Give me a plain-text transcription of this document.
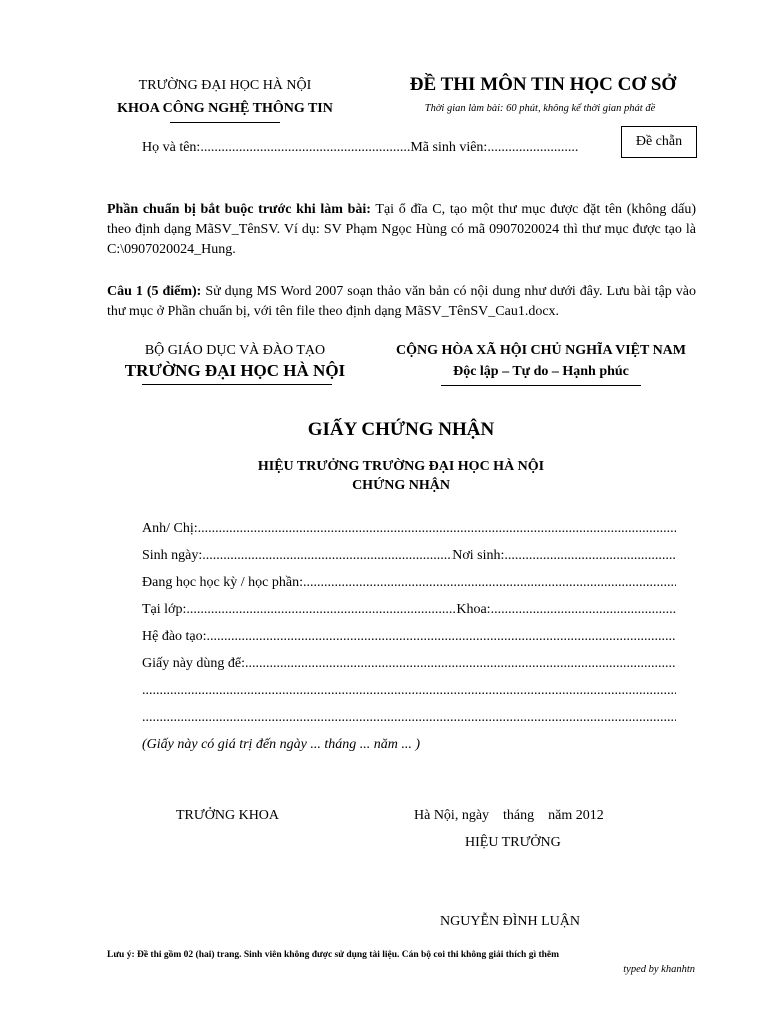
TRƯỜNG ĐẠI HỌC HÀ NỘI
KHOA CÔNG NGHỆ THÔNG TIN
ĐỀ THI MÔN TIN HỌC CƠ SỞ
Thời gian làm bài: 60 phút, không kể thời gian phát đề
Họ và tên:............................................................Mã sinh viên:..........................	Đề chẵn
Phần chuẩn bị bắt buộc trước khi làm bài: Tại ổ đĩa C, tạo một thư mục được đặt tên (không dấu) theo định dạng MãSV_TênSV. Ví dụ: SV Phạm Ngọc Hùng có mã 0907020024 thì thư mục được tạo là C:\0907020024_Hung.
Câu 1 (5 điểm): Sử dụng MS Word 2007 soạn thảo văn bản có nội dung như dưới đây. Lưu bài tập vào thư mục ở Phần chuẩn bị, với tên file theo định dạng MãSV_TênSV_Cau1.docx.
BỘ GIÁO DỤC VÀ ĐÀO TẠO
TRƯỜNG ĐẠI HỌC HÀ NỘI
CỘNG HÒA XÃ HỘI CHỦ NGHĨA VIỆT NAM
Độc lập – Tự do – Hạnh phúc
GIẤY CHỨNG NHẬN
HIỆU TRƯỞNG TRƯỜNG ĐẠI HỌC HÀ NỘI
CHỨNG NHẬN
Anh/ Chị:
.....
Sinh ngày: .....	Nơi sinh:
.....
Đang học học kỳ / học phần:
.....
Tại lớp: .....	Khoa:
.....
Hệ đào tạo:
.....
Giấy này dùng để:
.....
.....
.....
(Giấy này có giá trị đến ngày ... tháng ... năm ... )
TRƯỞNG KHOA	Hà Nội, ngày    tháng    năm 2012
HIỆU TRƯỞNG
NGUYỄN ĐÌNH LUẬN
Lưu ý: Đề thi gồm 02 (hai) trang. Sinh viên không được sử dụng tài liệu. Cán bộ coi thi không giải thích gì thêm
typed by khanhtn
